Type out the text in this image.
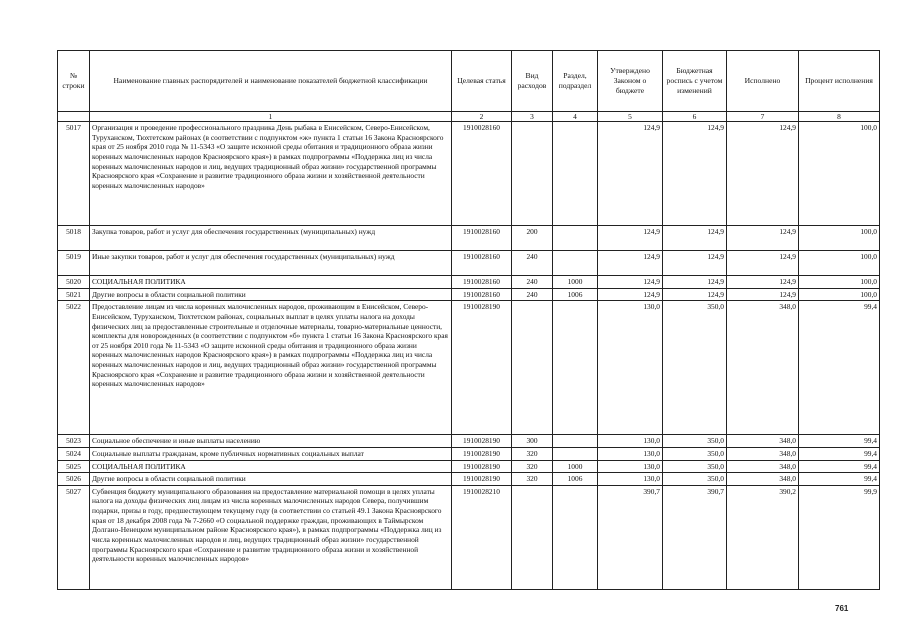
№ строки	Наименование главных распорядителей и наименование показателей бюджетной классификации	Целевая статья	Вид расходов	Раздел, подраздел	Утверждено Законом о бюджете	Бюджетная роспись с учетом изменений	Исполнено	Процент исполнения
	1	2	3	4	5	6	7	8
5017	Организация и проведение профессионального праздника День рыбака в Енисейском, Северо-Енисейском, Туруханском, Тюхтетском районах (в соответствии с подпунктом «ж» пункта 1 статьи 16 Закона Красноярского края от 25 ноября 2010 года № 11-5343 «О защите исконной среды обитания и традиционного образа жизни коренных малочисленных народов Красноярского края») в рамках подпрограммы «Поддержка лиц из числа коренных малочисленных народов и лиц, ведущих традиционный образ жизни» государственной программы Красноярского края «Сохранение и развитие традиционного образа жизни и хозяйственной деятельности коренных малочисленных народов»	1910028160			124,9	124,9	124,9	100,0
5018	Закупка товаров, работ и услуг для обеспечения государственных (муниципальных) нужд	1910028160	200		124,9	124,9	124,9	100,0
5019	Иные закупки товаров, работ и услуг для обеспечения государственных (муниципальных) нужд	1910028160	240		124,9	124,9	124,9	100,0
5020	СОЦИАЛЬНАЯ ПОЛИТИКА	1910028160	240	1000	124,9	124,9	124,9	100,0
5021	Другие вопросы в области социальной политики	1910028160	240	1006	124,9	124,9	124,9	100,0
5022	Предоставление лицам из числа коренных малочисленных народов, проживающим в Енисейском, Северо-Енисейском, Туруханском, Тюхтетском районах, социальных выплат в целях уплаты налога на доходы физических лиц за предоставленные строительные и отделочные материалы, товарно-материальные ценности, комплекты для новорожденных (в соответствии с подпунктом «б» пункта 1 статьи 16 Закона Красноярского края от 25 ноября 2010 года № 11-5343 «О защите исконной среды обитания и традиционного образа жизни коренных малочисленных народов Красноярского края») в рамках подпрограммы «Поддержка лиц из числа коренных малочисленных народов и лиц, ведущих традиционный образ жизни» государственной программы Красноярского края «Сохранение и развитие традиционного образа жизни и хозяйственной деятельности коренных малочисленных народов»	1910028190			130,0	350,0	348,0	99,4
5023	Социальное обеспечение и иные выплаты населению	1910028190	300		130,0	350,0	348,0	99,4
5024	Социальные выплаты гражданам, кроме публичных нормативных социальных выплат	1910028190	320		130,0	350,0	348,0	99,4
5025	СОЦИАЛЬНАЯ ПОЛИТИКА	1910028190	320	1000	130,0	350,0	348,0	99,4
5026	Другие вопросы в области социальной политики	1910028190	320	1006	130,0	350,0	348,0	99,4
5027	Субвенция бюджету муниципального образования на предоставление материальной помощи в целях уплаты налога на доходы физических лиц лицам из числа коренных малочисленных народов Севера, получившим подарки, призы в году, предшествующем текущему году (в соответствии со статьей 49.1 Закона Красноярского края от 18 декабря 2008 года № 7-2660 «О социальной поддержке граждан, проживающих в Таймырском Долгано-Ненецком муниципальном районе Красноярского края»), в рамках подпрограммы «Поддержка лиц из числа коренных малочисленных народов и лиц, ведущих традиционный образ жизни» государственной программы Красноярского края «Сохранение и развитие традиционного образа жизни и хозяйственной деятельности коренных малочисленных народов»	1910028210			390,7	390,7	390,2	99,9
761
